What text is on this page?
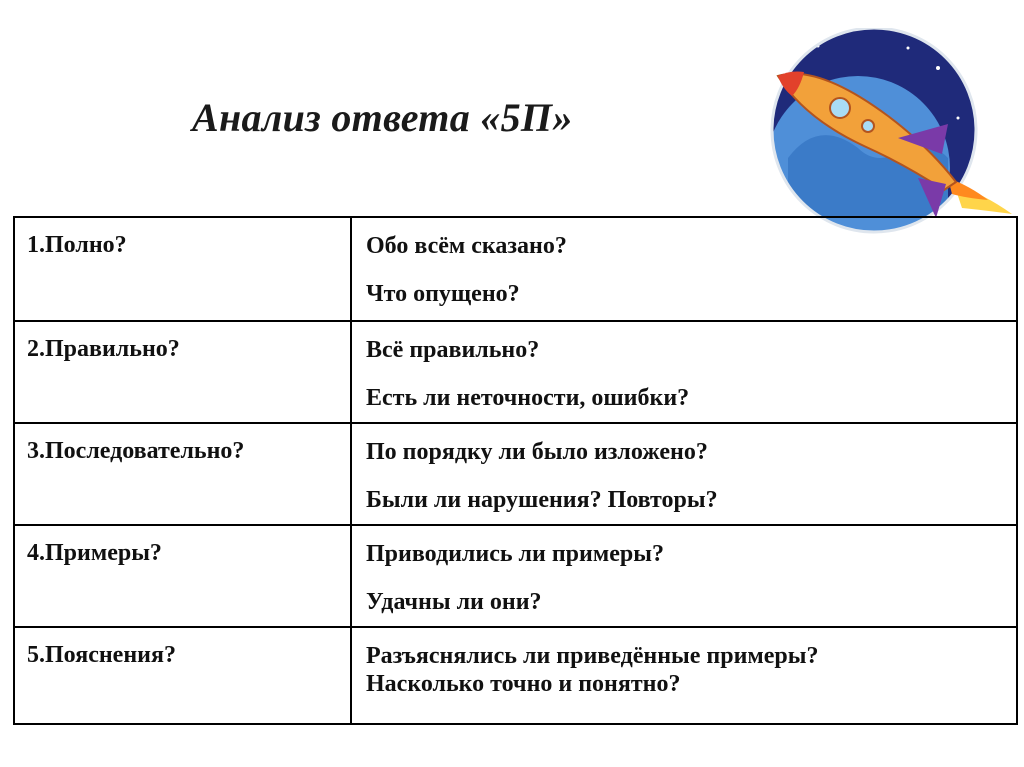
Анализ ответа «5П»
1.Полно?	Обо всём сказано?
Что опущено?
2.Правильно?	Всё правильно?
Есть ли неточности, ошибки?
3.Последовательно?	По порядку ли было изложено?
Были ли нарушения? Повторы?
4.Примеры?	Приводились ли примеры?
Удачны ли они?
5.Пояснения?	Разъяснялись ли приведённые примеры?
Насколько точно и понятно?
